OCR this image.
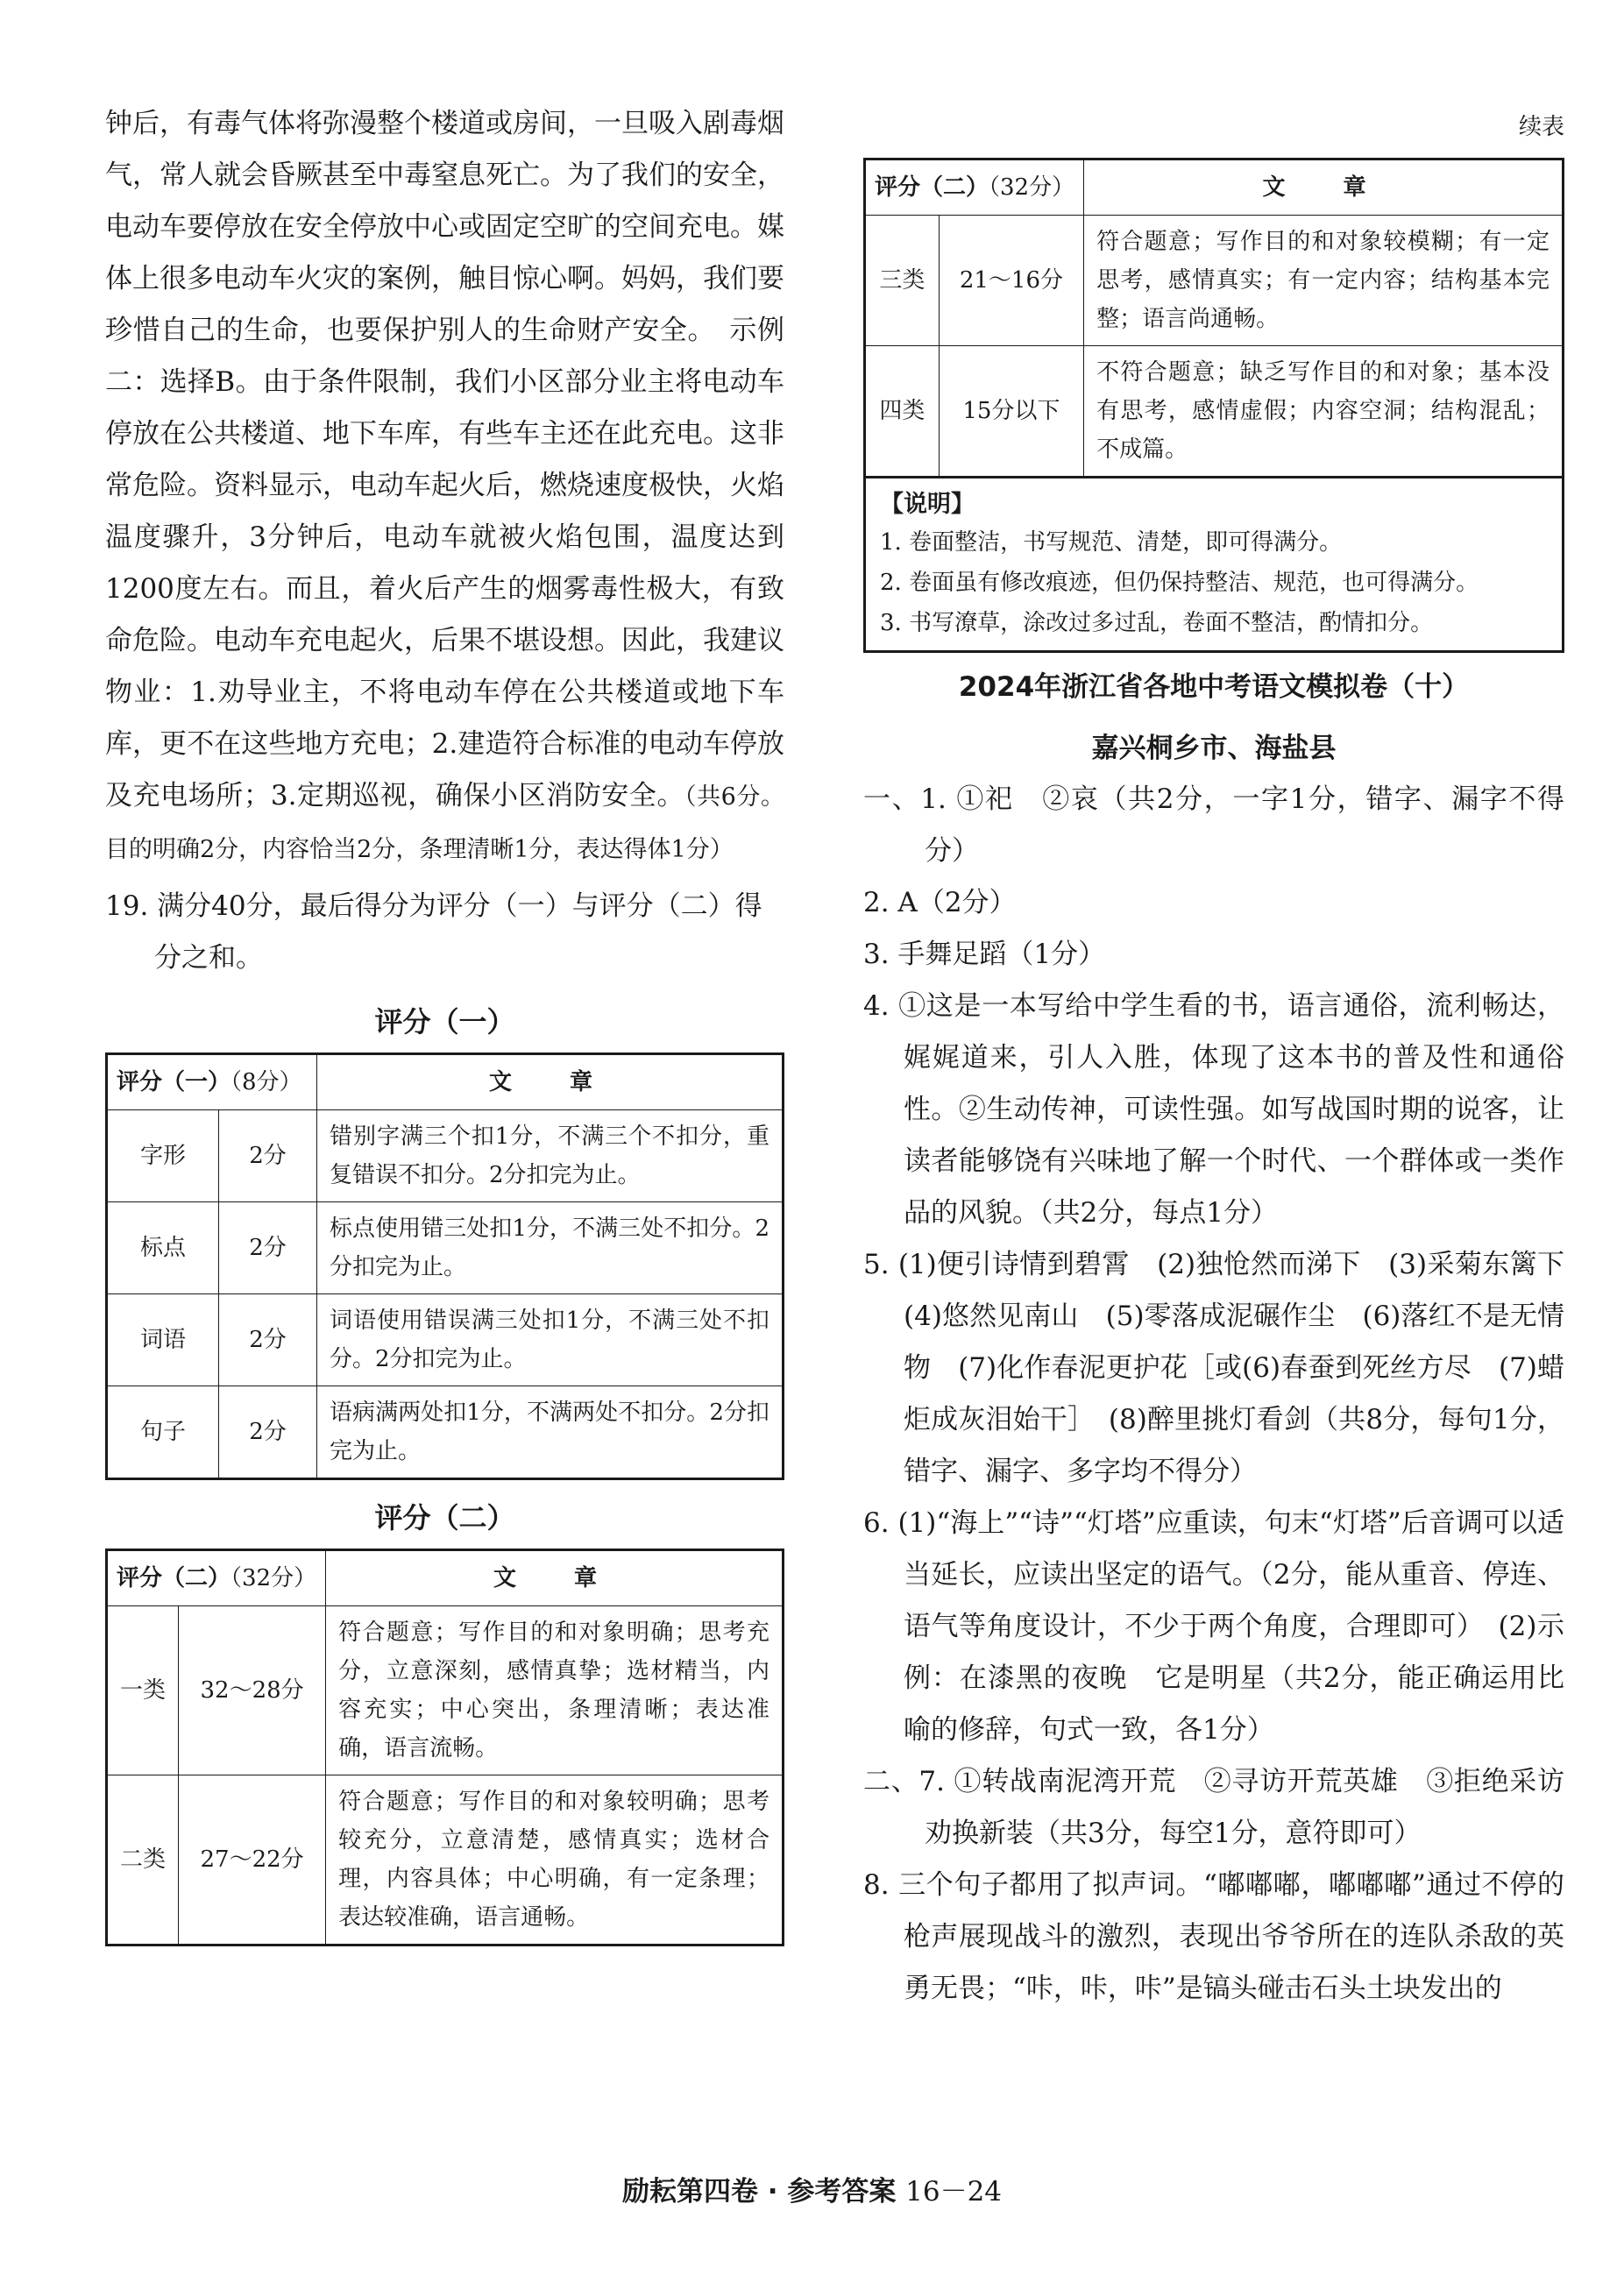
钟后，有毒气体将弥漫整个楼道或房间，一旦吸入剧毒烟气，常人就会昏厥甚至中毒窒息死亡。为了我们的安全，电动车要停放在安全停放中心或固定空旷的空间充电。媒体上很多电动车火灾的案例，触目惊心啊。妈妈，我们要珍惜自己的生命，也要保护别人的生命财产安全。　示例二：选择B。由于条件限制，我们小区部分业主将电动车停放在公共楼道、地下车库，有些车主还在此充电。这非常危险。资料显示，电动车起火后，燃烧速度极快，火焰温度骤升，3分钟后，电动车就被火焰包围，温度达到1200度左右。而且，着火后产生的烟雾毒性极大，有致命危险。电动车充电起火，后果不堪设想。因此，我建议物业：1.劝导业主，不将电动车停在公共楼道或地下车库，更不在这些地方充电；2.建造符合标准的电动车停放及充电场所；3.定期巡视，确保小区消防安全。（共6分。目的明确2分，内容恰当2分，条理清晰1分，表达得体1分）

19. 满分40分，最后得分为评分（一）与评分（二）得分之和。

评分（一）
评分（一）（8分）		文　章
字形	2分	错别字满三个扣1分，不满三个不扣分，重复错误不扣分。2分扣完为止。
标点	2分	标点使用错三处扣1分，不满三处不扣分。2分扣完为止。
词语	2分	词语使用错误满三处扣1分，不满三处不扣分。2分扣完为止。
句子	2分	语病满两处扣1分，不满两处不扣分。2分扣完为止。
评分（二）
评分（二）（32分）		文　章
一类	32～28分	符合题意；写作目的和对象明确；思考充分，立意深刻，感情真挚；选材精当，内容充实；中心突出，条理清晰；表达准确，语言流畅。
二类	27～22分	符合题意；写作目的和对象较明确；思考较充分，立意清楚，感情真实；选材合理，内容具体；中心明确，有一定条理；表达较准确，语言通畅。
续表
评分（二）（32分）		文　章
三类	21～16分	符合题意；写作目的和对象较模糊；有一定思考，感情真实；有一定内容；结构基本完整；语言尚通畅。
四类	15分以下	不符合题意；缺乏写作目的和对象；基本没有思考，感情虚假；内容空洞；结构混乱；不成篇。
【说明】
1. 卷面整洁，书写规范、清楚，即可得满分。
2. 卷面虽有修改痕迹，但仍保持整洁、规范，也可得满分。
3. 书写潦草，涂改过多过乱，卷面不整洁，酌情扣分。
2024年浙江省各地中考语文模拟卷（十）
嘉兴桐乡市、海盐县

一、1. ①祀　②哀（共2分，一字1分，错字、漏字不得分）

2. A（2分）

3. 手舞足蹈（1分）

4. ①这是一本写给中学生看的书，语言通俗，流利畅达，娓娓道来，引人入胜，体现了这本书的普及性和通俗性。②生动传神，可读性强。如写战国时期的说客，让读者能够饶有兴味地了解一个时代、一个群体或一类作品的风貌。（共2分，每点1分）

5. (1)便引诗情到碧霄　(2)独怆然而涕下　(3)采菊东篱下　(4)悠然见南山　(5)零落成泥碾作尘　(6)落红不是无情物　(7)化作春泥更护花［或(6)春蚕到死丝方尽　(7)蜡炬成灰泪始干］　(8)醉里挑灯看剑（共8分，每句1分，错字、漏字、多字均不得分）

6. (1)“海上”“诗”“灯塔”应重读，句末“灯塔”后音调可以适当延长，应读出坚定的语气。（2分，能从重音、停连、语气等角度设计，不少于两个角度，合理即可）　(2)示例：在漆黑的夜晚　它是明星（共2分，能正确运用比喻的修辞，句式一致，各1分）

二、7. ①转战南泥湾开荒　②寻访开荒英雄　③拒绝采访劝换新装（共3分，每空1分，意符即可）

8. 三个句子都用了拟声词。“嘟嘟嘟，嘟嘟嘟”通过不停的枪声展现战斗的激烈，表现出爷爷所在的连队杀敌的英勇无畏；“咔，咔，咔”是镐头碰击石头土块发出的

励耘第四卷 · 参考答案 16－24
